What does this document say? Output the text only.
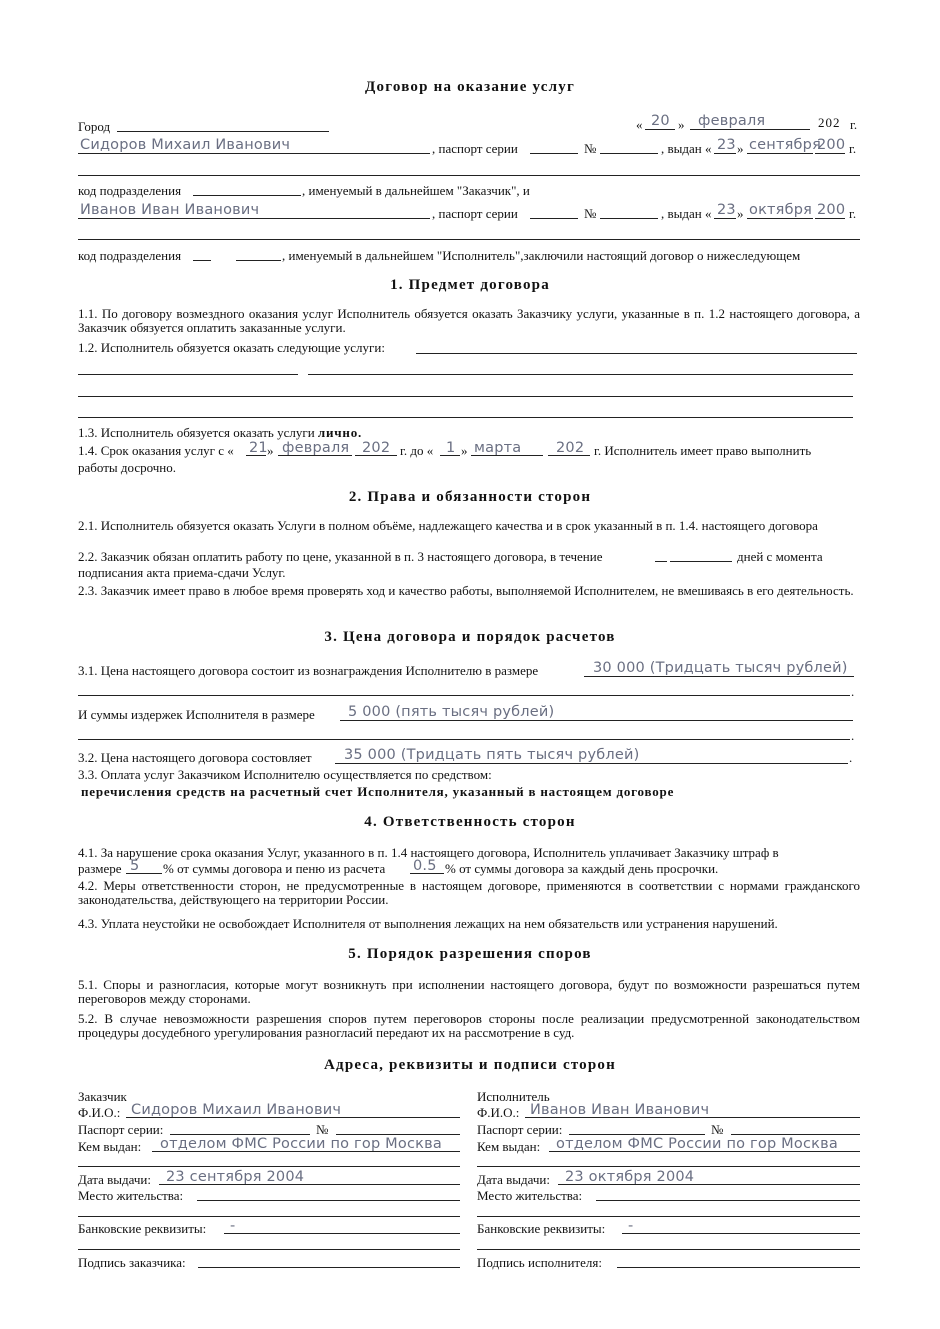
Договор на оказание услуг
Город	« 20 » февраля	202 г.
Сидоров Михаил Иванович	, паспорт серии	№	, выдан « 23 » сентября
200 г.
код подразделения	, именуемый в дальнейшем "Заказчик", и
Иванов Иван Иванович	, паспорт серии	№	, выдан « 23 » октября 200 г.
код подразделения	, именуемый в дальнейшем "Исполнитель",заключили настоящий договор о нижеследующем
1. Предмет договора
1.1. По договору возмездного оказания услуг Исполнитель обязуется оказать Заказчику услуги, указанные в п. 1.2 настоящего договора, а Заказчик обязуется оплатить заказанные услуги.
1.2. Исполнитель обязуется оказать следующие услуги:
1.3. Исполнитель обязуется оказать услуги лично.
1.4. Срок оказания услуг с « 21 » февраля 202 г. до « 1 » марта 202 г. Исполнитель имеет право выполнить
работы досрочно.
2. Права и обязанности сторон
2.1. Исполнитель обязуется оказать Услуги в полном объёме, надлежащего качества и в срок указанный в п. 1.4. настоящего договора
2.2. Заказчик обязан оплатить работу по цене, указанной в п. 3 настоящего договора, в течение	дней с момента
подписания акта приема-сдачи Услуг.
2.3. Заказчик имеет право в любое время проверять ход и качество работы, выполняемой Исполнителем, не вмешиваясь в его деятельность.
3. Цена договора и порядок расчетов
3.1. Цена настоящего договора состоит из вознаграждения Исполнителю в размере	30 000 (Тридцать тысяч рублей)
.
И суммы издержек Исполнителя в размере 5 000 (пять тысяч рублей)
.
3.2. Цена настоящего договора состовляет 35 000 (Тридцать пять тысяч рублей)	.
3.3. Оплата услуг Заказчиком Исполнителю осуществляется по средством:
перечисления средств на расчетный счет Исполнителя, указанный в настоящем договоре
4. Ответственность сторон
4.1. За нарушение срока оказания Услуг, указанного в п. 1.4 настоящего договора, Исполнитель уплачивает Заказчику штраф в
размере 5 % от суммы договора и пеню из расчета 0.5 % от суммы договора за каждый день просрочки.
4.2. Меры ответственности сторон, не предусмотренные в настоящем договоре, применяются в соответствии с нормами гражданского законодательства, действующего на территории России.
4.3. Уплата неустойки не освобождает Исполнителя от выполнения лежащих на нем обязательств или устранения нарушений.
5. Порядок разрешения споров
5.1. Споры и разногласия, которые могут возникнуть при исполнении настоящего договора, будут по возможности разрешаться путем переговоров между сторонами.
5.2. В случае невозможности разрешения споров путем переговоров стороны после реализации предусмотренной законодательством процедуры досудебного урегулирования разногласий передают их на рассмотрение в суд.
Адреса, реквизиты и подписи сторон
Заказчик
Ф.И.О.: Сидоров Михаил Иванович
Паспорт серии:	№
Кем выдан: отделом ФМС России по гор Москва
Дата выдачи: 23 сентября 2004
Место жительства:
Банковские реквизиты: -
Подпись заказчика:
Исполнитель
Ф.И.О.: Иванов Иван Иванович
Паспорт серии:	№
Кем выдан: отделом ФМС России по гор Москва
Дата выдачи: 23 октября 2004
Место жительства:
Банковские реквизиты: -
Подпись исполнителя:
